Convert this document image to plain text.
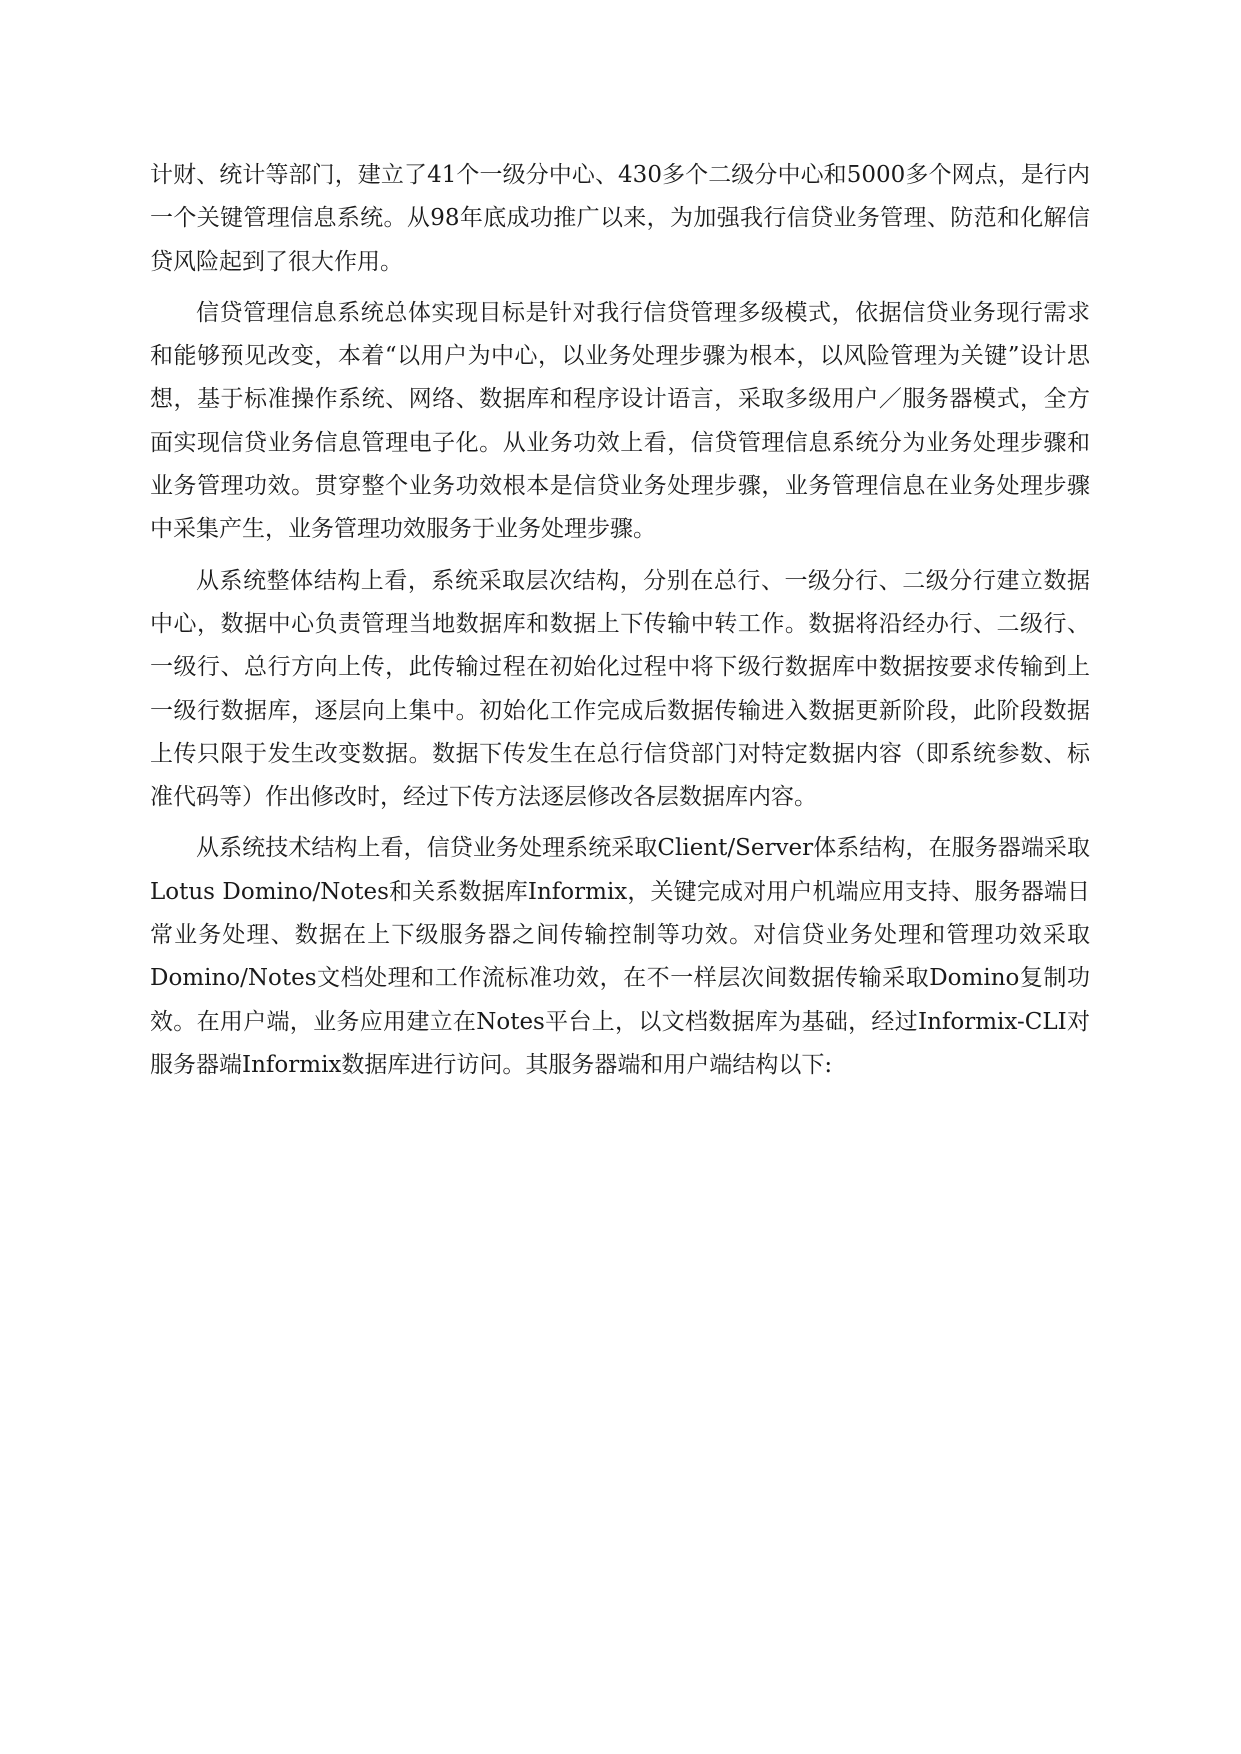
计财、统计等部门，建立了41个一级分中心、430多个二级分中心和5000多个网点，是行内一个关键管理信息系统。从98年底成功推广以来，为加强我行信贷业务管理、防范和化解信贷风险起到了很大作用。

信贷管理信息系统总体实现目标是针对我行信贷管理多级模式，依据信贷业务现行需求和能够预见改变，本着“以用户为中心，以业务处理步骤为根本，以风险管理为关键”设计思想，基于标准操作系统、网络、数据库和程序设计语言，采取多级用户／服务器模式，全方面实现信贷业务信息管理电子化。从业务功效上看，信贷管理信息系统分为业务处理步骤和业务管理功效。贯穿整个业务功效根本是信贷业务处理步骤，业务管理信息在业务处理步骤中采集产生，业务管理功效服务于业务处理步骤。

从系统整体结构上看，系统采取层次结构，分别在总行、一级分行、二级分行建立数据中心，数据中心负责管理当地数据库和数据上下传输中转工作。数据将沿经办行、二级行、一级行、总行方向上传，此传输过程在初始化过程中将下级行数据库中数据按要求传输到上一级行数据库，逐层向上集中。初始化工作完成后数据传输进入数据更新阶段，此阶段数据上传只限于发生改变数据。数据下传发生在总行信贷部门对特定数据内容（即系统参数、标准代码等）作出修改时，经过下传方法逐层修改各层数据库内容。

从系统技术结构上看，信贷业务处理系统采取Client/Server体系结构，在服务器端采取Lotus Domino/Notes和关系数据库Informix，关键完成对用户机端应用支持、服务器端日常业务处理、数据在上下级服务器之间传输控制等功效。对信贷业务处理和管理功效采取Domino/Notes文档处理和工作流标准功效，在不一样层次间数据传输采取Domino复制功效。在用户端，业务应用建立在Notes平台上，以文档数据库为基础，经过Informix-CLI对服务器端Informix数据库进行访问。其服务器端和用户端结构以下:
